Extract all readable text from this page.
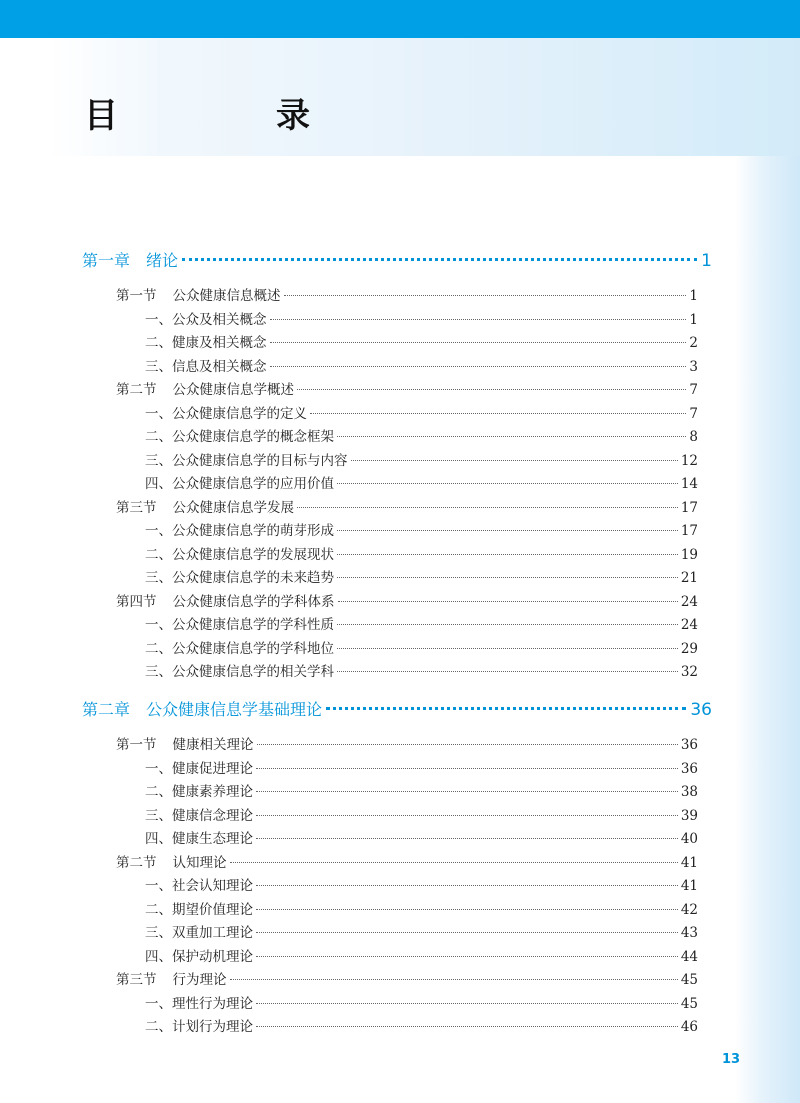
目　录
第一章 绪论	1
第一节 公众健康信息概述	1
一、公众及相关概念	1
二、健康及相关概念	2
三、信息及相关概念	3
第二节 公众健康信息学概述	7
一、公众健康信息学的定义	7
二、公众健康信息学的概念框架	8
三、公众健康信息学的目标与内容	12
四、公众健康信息学的应用价值	14
第三节 公众健康信息学发展	17
一、公众健康信息学的萌芽形成	17
二、公众健康信息学的发展现状	19
三、公众健康信息学的未来趋势	21
第四节 公众健康信息学的学科体系	24
一、公众健康信息学的学科性质	24
二、公众健康信息学的学科地位	29
三、公众健康信息学的相关学科	32
第二章 公众健康信息学基础理论	36
第一节 健康相关理论	36
一、健康促进理论	36
二、健康素养理论	38
三、健康信念理论	39
四、健康生态理论	40
第二节 认知理论	41
一、社会认知理论	41
二、期望价值理论	42
三、双重加工理论	43
四、保护动机理论	44
第三节 行为理论	45
一、理性行为理论	45
二、计划行为理论	46
13
